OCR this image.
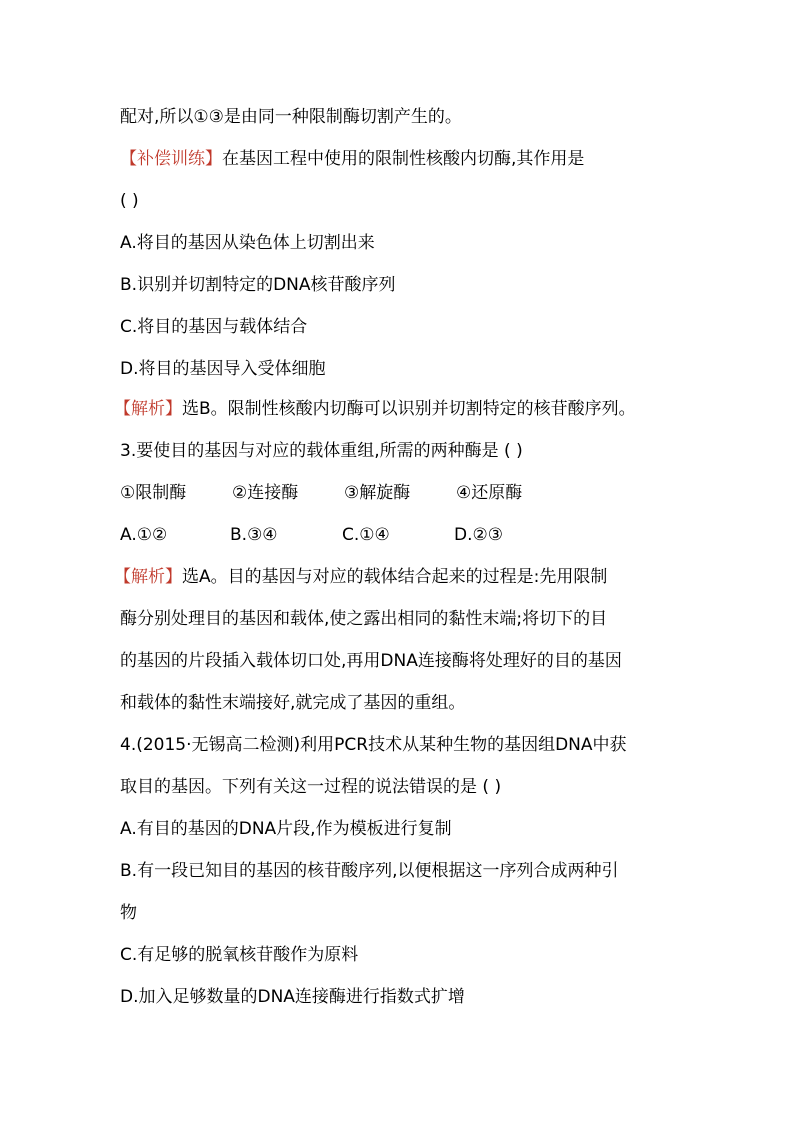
配对,所以①③是由同一种限制酶切割产生的。
【补偿训练】在基因工程中使用的限制性核酸内切酶,其作用是
( )
A.将目的基因从染色体上切割出来
B.识别并切割特定的DNA核苷酸序列
C.将目的基因与载体结合
D.将目的基因导入受体细胞
【解析】选B。限制性核酸内切酶可以识别并切割特定的核苷酸序列。
3.要使目的基因与对应的载体重组,所需的两种酶是 ( )
①限制酶	②连接酶	③解旋酶	④还原酶
A.①②	B.③④	C.①④	D.②③
【解析】选A。目的基因与对应的载体结合起来的过程是:先用限制
酶分别处理目的基因和载体,使之露出相同的黏性末端;将切下的目
的基因的片段插入载体切口处,再用DNA连接酶将处理好的目的基因
和载体的黏性末端接好,就完成了基因的重组。
4.(2015·无锡高二检测)利用PCR技术从某种生物的基因组DNA中获
取目的基因。下列有关这一过程的说法错误的是 ( )
A.有目的基因的DNA片段,作为模板进行复制
B.有一段已知目的基因的核苷酸序列,以便根据这一序列合成两种引
物
C.有足够的脱氧核苷酸作为原料
D.加入足够数量的DNA连接酶进行指数式扩增
